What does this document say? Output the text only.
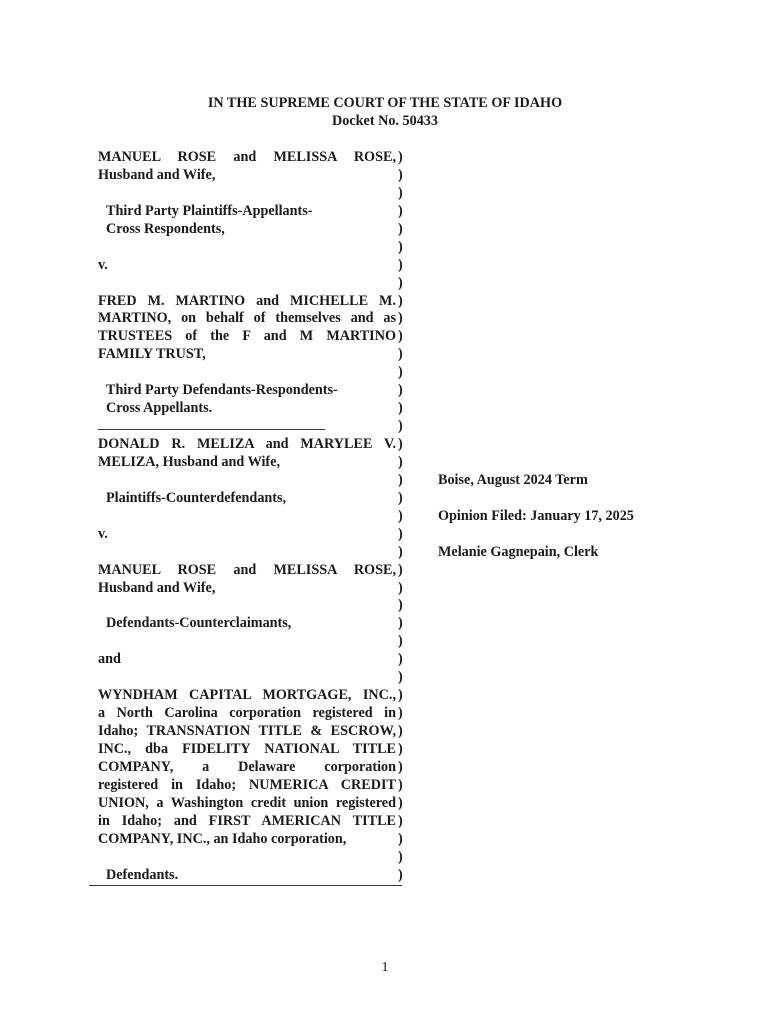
IN THE SUPREME COURT OF THE STATE OF IDAHO
Docket No. 50433
MANUEL ROSE and MELISSA ROSE, )
Husband and Wife,	)
)
Third Party Plaintiffs-Appellants-	)
Cross Respondents,	)
)
v.	)
)
FRED M. MARTINO and MICHELLE M. )
MARTINO, on behalf of themselves and as )
TRUSTEES of the F and M MARTINO )
FAMILY TRUST,	)
)
Third Party Defendants-Respondents-	)
Cross Appellants.	)
)
DONALD R. MELIZA and MARYLEE V. )
MELIZA, Husband and Wife,	)
)
Plaintiffs-Counterdefendants,	)
)
v.	)
)
MANUEL ROSE and MELISSA ROSE, )
Husband and Wife,	)
)
Defendants-Counterclaimants,	)
)
and	)
)
WYNDHAM CAPITAL MORTGAGE, INC., )
a North Carolina corporation registered in )
Idaho; TRANSNATION TITLE & ESCROW, )
INC., dba FIDELITY NATIONAL TITLE )
COMPANY, a Delaware corporation )
registered in Idaho; NUMERICA CREDIT )
UNION, a Washington credit union registered )
in Idaho; and FIRST AMERICAN TITLE )
COMPANY, INC., an Idaho corporation,	)
)
Defendants.	)
Boise, August 2024 Term
Opinion Filed: January 17, 2025
Melanie Gagnepain, Clerk
1
